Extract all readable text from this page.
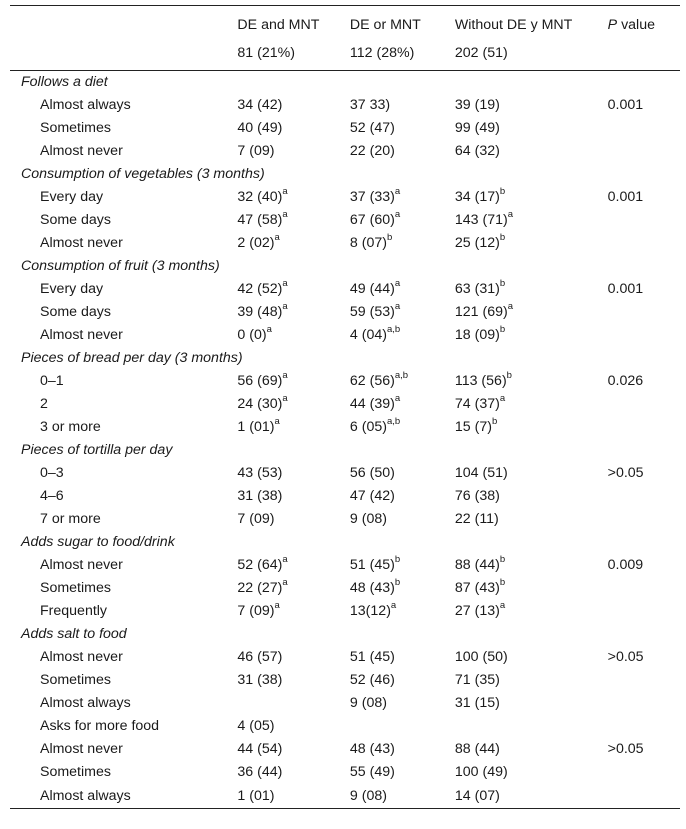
	DE and MNT	DE or MNT	Without DE y MNT	P value
	81 (21%)	112 (28%)	202 (51)	
Follows a diet				
Almost always	34 (42)	37 33)	39 (19)	0.001
Sometimes	40 (49)	52 (47)	99 (49)	
Almost never	7 (09)	22 (20)	64 (32)	
Consumption of vegetables (3 months)				
Every day	32 $(40)^a$	37 $(33)^a$	34 $(17)^b$	0.001
Some days	47 $(58)^a$	67 $(60)^a$	143 $(71)^a$	
Almost never	2 $(02)^a$	8 $(07)^b$	25 $(12)^b$	
Consumption of fruit (3 months)				
Every day	42 $(52)^a$	49 $(44)^a$	63 $(31)^b$	0.001
Some days	39 $(48)^a$	59 $(53)^a$	121 $(69)^a$	
Almost never	0 $(0)^a$	4 $(04)^{a,b}$	18 $(09)^b$	
Pieces of bread per day (3 months)				
0–1	56 $(69)^a$	62 $(56)^{a,b}$	113 $(56)^b$	0.026
2	24 $(30)^a$	44 $(39)^a$	74 $(37)^a$	
3 or more	1 $(01)^a$	6 $(05)^{a,b}$	15 $(7)^b$	
Pieces of tortilla per day				
0–3	43 (53)	56 (50)	104 (51)	>0.05
4–6	31 (38)	47 (42)	76 (38)	
7 or more	7 (09)	9 (08)	22 (11)	
Adds sugar to food/drink				
Almost never	52 $(64)^a$	51 $(45)^b$	88 $(44)^b$	0.009
Sometimes	22 $(27)^a$	48 $(43)^b$	87 $(43)^b$	
Frequently	7 $(09)^a$	$13(12)^a$	27 $(13)^a$	
Adds salt to food				
Almost never	46 (57)	51 (45)	100 (50)	>0.05
Sometimes	31 (38)	52 (46)	71 (35)	
Almost always		9 (08)	31 (15)	
Asks for more food	4 (05)			
Almost never	44 (54)	48 (43)	88 (44)	>0.05
Sometimes	36 (44)	55 (49)	100 (49)	
Almost always	1 (01)	9 (08)	14 (07)	
